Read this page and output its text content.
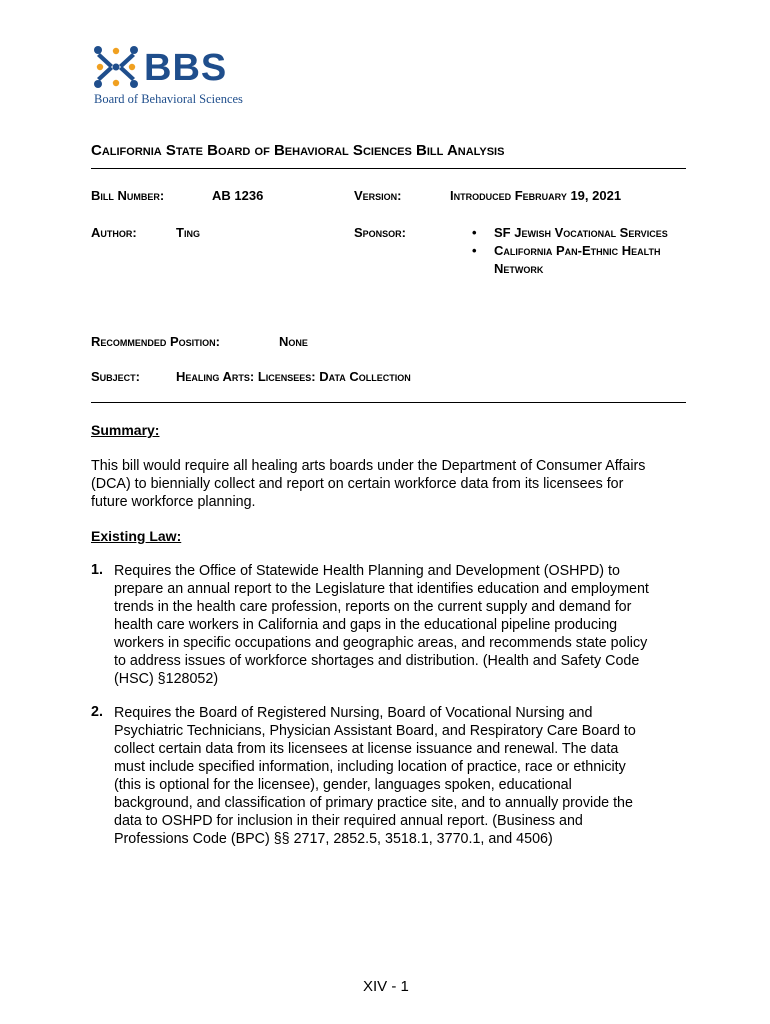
BBS
Board of Behavioral Sciences
California State Board of Behavioral Sciences Bill Analysis
Bill Number:	AB 1236	Version:	Introduced February 19, 2021
Author:	Ting	Sponsor:
•	SF Jewish Vocational Services
• California Pan-Ethnic Health Network
Recommended Position:	None
Subject:	Healing Arts: Licensees: Data Collection
Summary:
This bill would require all healing arts boards under the Department of Consumer Affairs
(DCA) to biennially collect and report on certain workforce data from its licensees for
future workforce planning.
Existing Law:
1. Requires the Office of Statewide Health Planning and Development (OSHPD) to
prepare an annual report to the Legislature that identifies education and employment
trends in the health care profession, reports on the current supply and demand for
health care workers in California and gaps in the educational pipeline producing
workers in specific occupations and geographic areas, and recommends state policy
to address issues of workforce shortages and distribution. (Health and Safety Code
(HSC) §128052)
2. Requires the Board of Registered Nursing, Board of Vocational Nursing and
Psychiatric Technicians, Physician Assistant Board, and Respiratory Care Board to
collect certain data from its licensees at license issuance and renewal. The data
must include specified information, including location of practice, race or ethnicity
(this is optional for the licensee), gender, languages spoken, educational
background, and classification of primary practice site, and to annually provide the
data to OSHPD for inclusion in their required annual report. (Business and
Professions Code (BPC) §§ 2717, 2852.5, 3518.1, 3770.1, and 4506)
XIV - 1
